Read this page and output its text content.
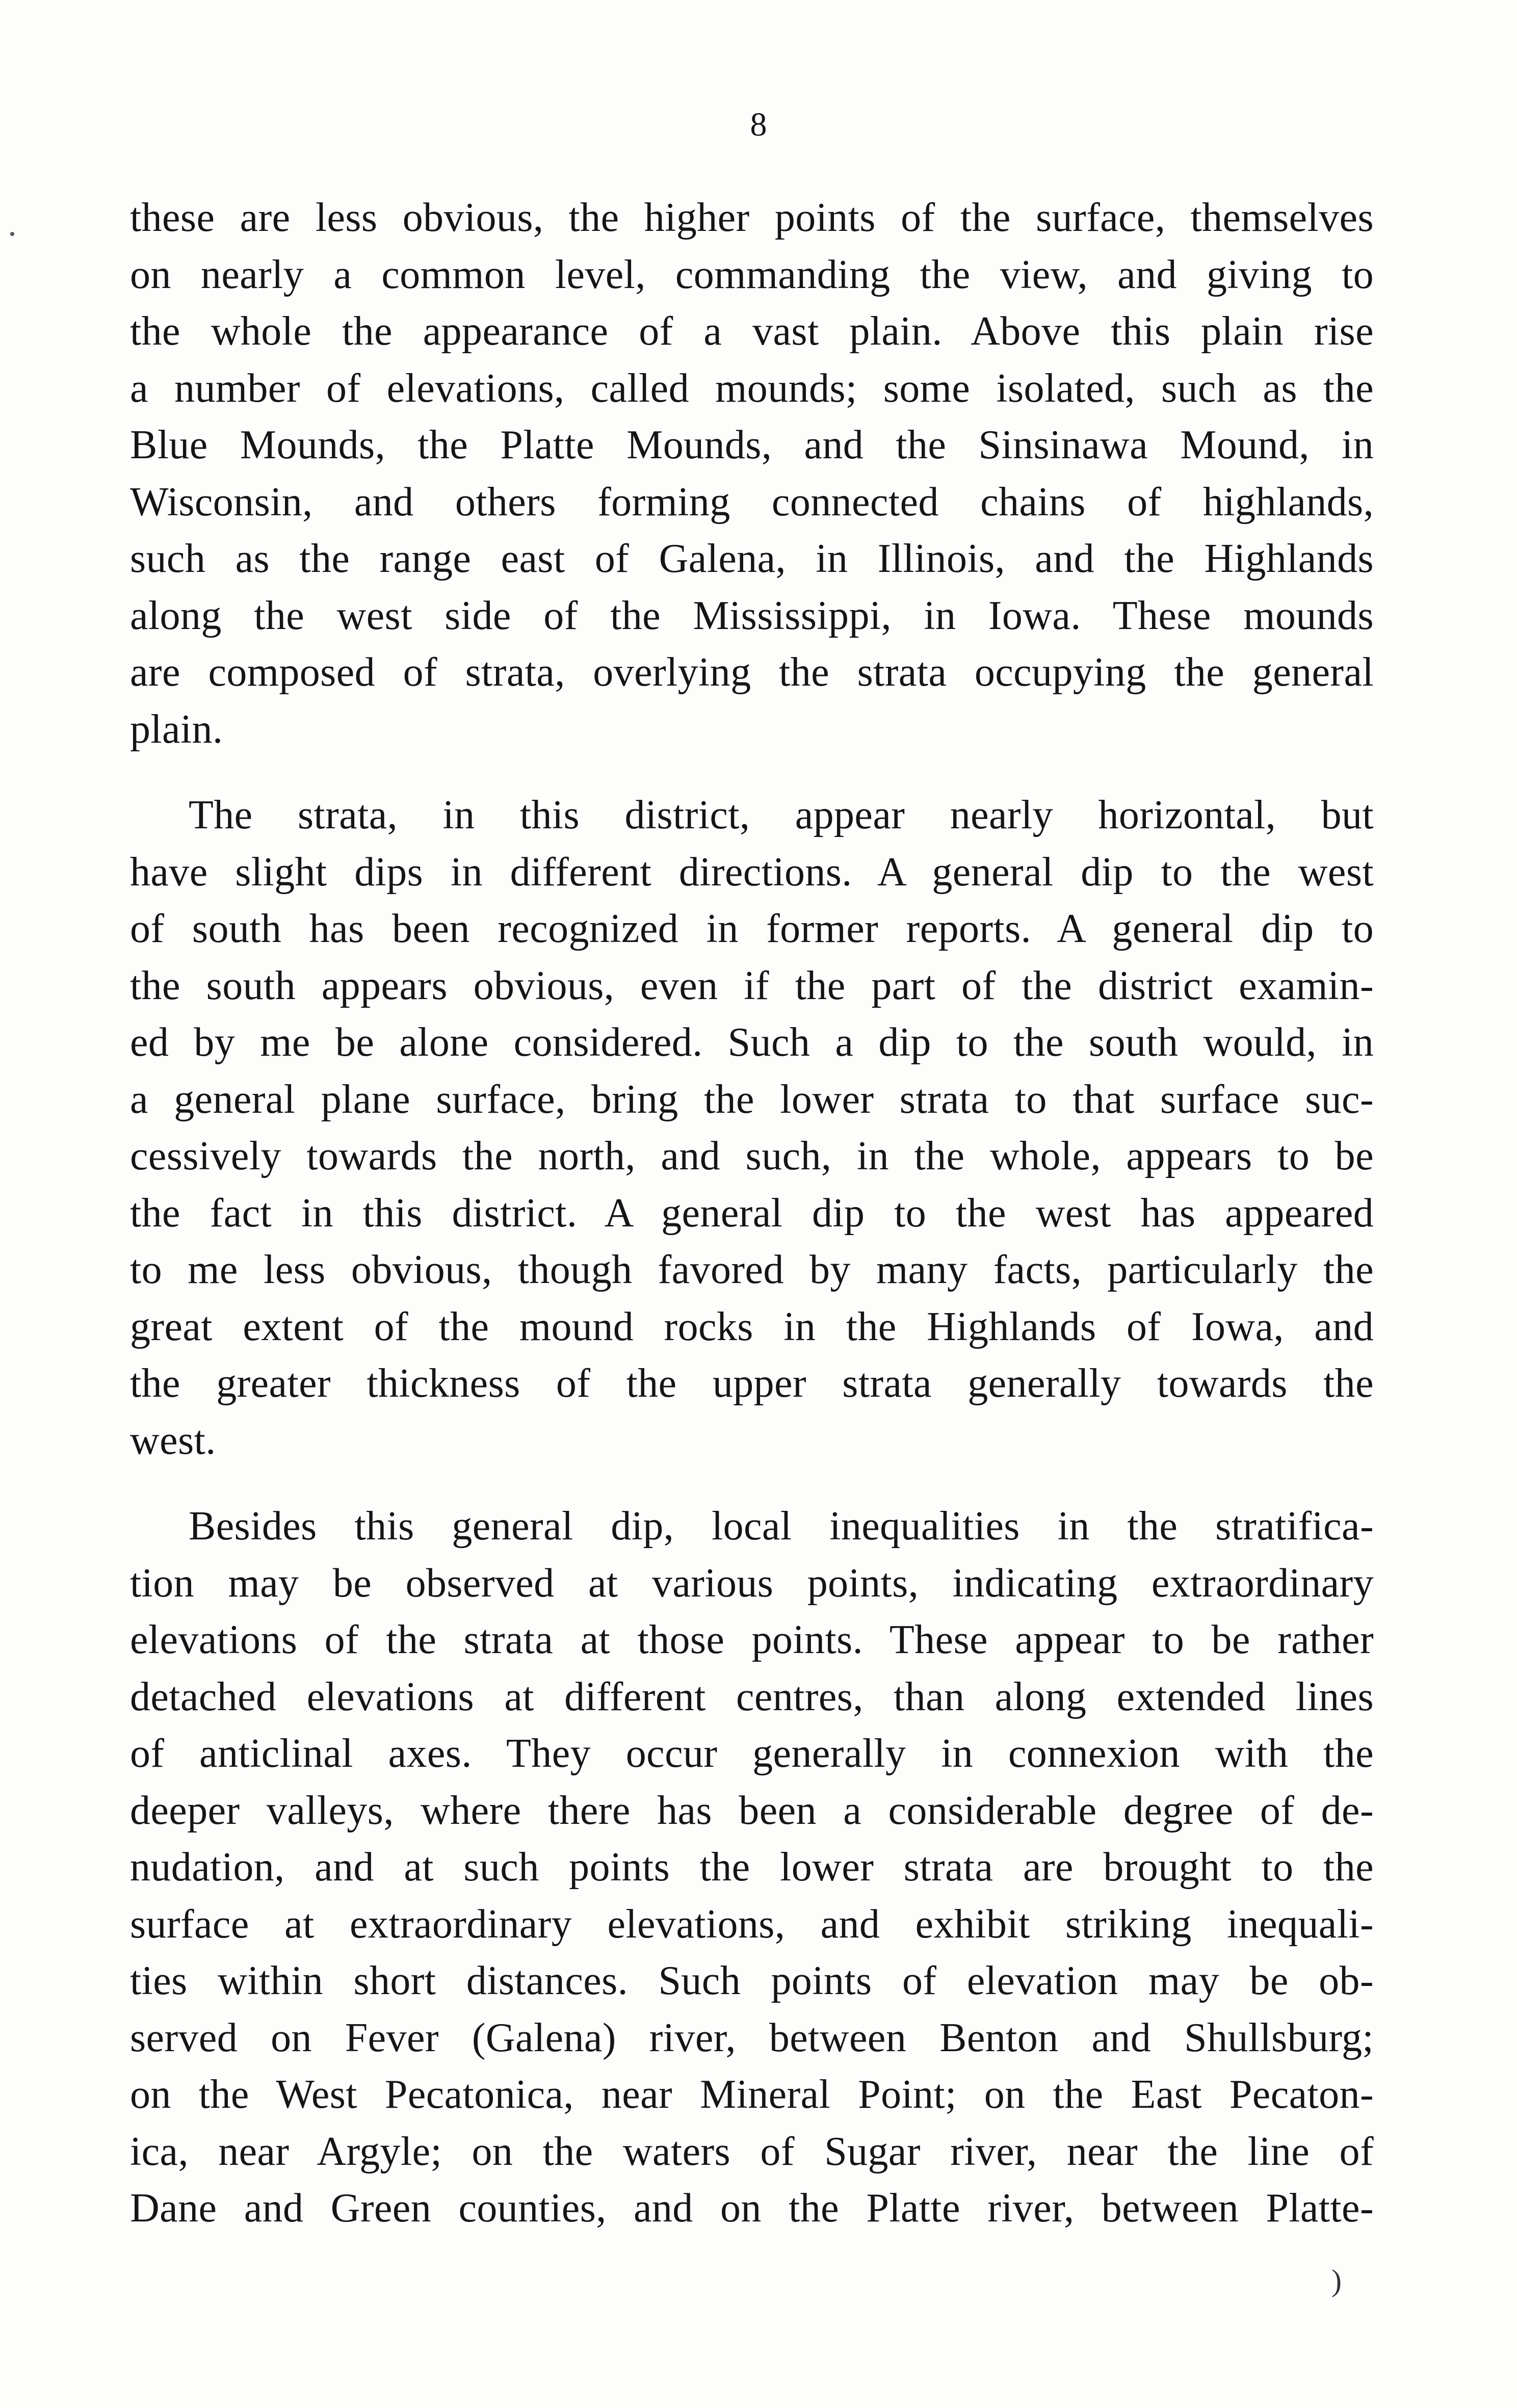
8
these are less obvious, the higher points of the surface, themselves
on nearly a common level, commanding the view, and giving to
the whole the appearance of a vast plain. Above this plain rise
a number of elevations, called mounds; some isolated, such as the
Blue Mounds, the Platte Mounds, and the Sinsinawa Mound, in
Wisconsin, and others forming connected chains of highlands,
such as the range east of Galena, in Illinois, and the Highlands
along the west side of the Mississippi, in Iowa. These mounds
are composed of strata, overlying the strata occupying the general
plain.
The strata, in this district, appear nearly horizontal, but
have slight dips in different directions. A general dip to the west
of south has been recognized in former reports. A general dip to
the south appears obvious, even if the part of the district examin-
ed by me be alone considered. Such a dip to the south would, in
a general plane surface, bring the lower strata to that surface suc-
cessively towards the north, and such, in the whole, appears to be
the fact in this district. A general dip to the west has appeared
to me less obvious, though favored by many facts, particularly the
great extent of the mound rocks in the Highlands of Iowa, and
the greater thickness of the upper strata generally towards the
west.
Besides this general dip, local inequalities in the stratifica-
tion may be observed at various points, indicating extraordinary
elevations of the strata at those points. These appear to be rather
detached elevations at different centres, than along extended lines
of anticlinal axes. They occur generally in connexion with the
deeper valleys, where there has been a considerable degree of de-
nudation, and at such points the lower strata are brought to the
surface at extraordinary elevations, and exhibit striking inequali-
ties within short distances. Such points of elevation may be ob-
served on Fever (Galena) river, between Benton and Shullsburg;
on the West Pecatonica, near Mineral Point; on the East Pecaton-
ica, near Argyle; on the waters of Sugar river, near the line of
Dane and Green counties, and on the Platte river, between Platte-
)
